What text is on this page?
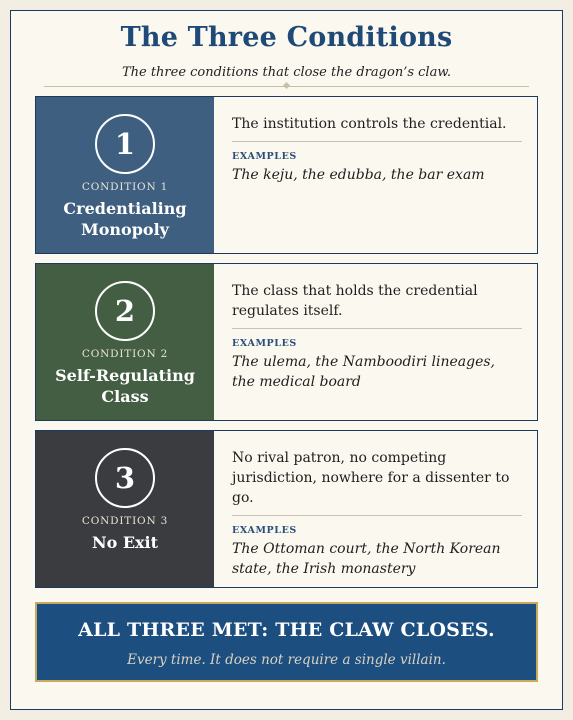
The Three Conditions
The three conditions that close the dragon’s claw.
1
CONDITION 1
Credentialing
Monopoly
The institution controls the credential.
EXAMPLES
The keju, the edubba, the bar exam
2
CONDITION 2
Self-Regulating
Class
The class that holds the credential regulates itself.
EXAMPLES
The ulema, the Namboodiri lineages, the medical board
3
CONDITION 3
No Exit
No rival patron, no competing jurisdiction, nowhere for a dissenter to go.
EXAMPLES
The Ottoman court, the North Korean state, the Irish monastery
ALL THREE MET: THE CLAW CLOSES.
Every time. It does not require a single villain.
